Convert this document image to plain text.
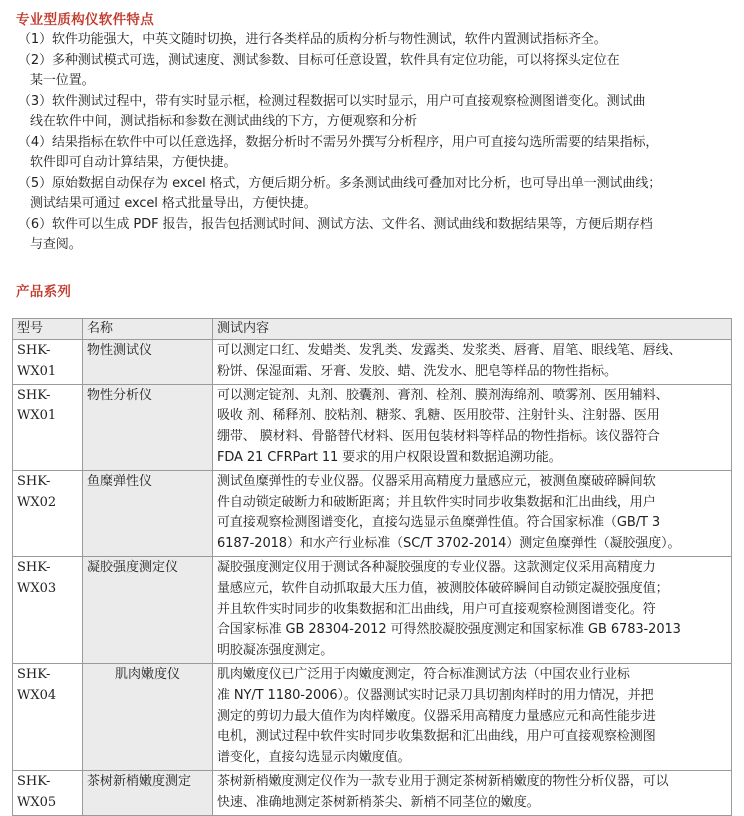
专业型质构仪软件特点
（1）软件功能强大，中英文随时切换，进行各类样品的质构分析与物性测试，软件内置测试指标齐全。
（2）多种测试模式可选，测试速度、测试参数、目标可任意设置，软件具有定位功能，可以将探头定位在
某一位置。
（3）软件测试过程中，带有实时显示框，检测过程数据可以实时显示，用户可直接观察检测图谱变化。测试曲
线在软件中间，测试指标和参数在测试曲线的下方，方便观察和分析
（4）结果指标在软件中可以任意选择，数据分析时不需另外撰写分析程序，用户可直接勾选所需要的结果指标，
软件即可自动计算结果，方便快捷。
（5）原始数据自动保存为 excel 格式，方便后期分析。多条测试曲线可叠加对比分析，也可导出单一测试曲线；
测试结果可通过 excel 格式批量导出，方便快捷。
（6）软件可以生成 PDF 报告，报告包括测试时间、测试方法、文件名、测试曲线和数据结果等，方便后期存档
与查阅。
产品系列
型号	名称	测试内容
SHK-WX01	物性测试仪	可以测定口红、发蜡类、发乳类、发露类、发浆类、唇膏、眉笔、眼线笔、唇线、
粉饼、保湿面霜、牙膏、发胶、蜡、洗发水、肥皂等样品的物性指标。

SHK-WX01	物性分析仪	可以测定锭剂、丸剂、胶囊剂、膏剂、栓剂、膜剂海绵剂、喷雾剂、医用辅料、
吸收 剂、稀释剂、胶粘剂、糖浆、乳糖、医用胶带、注射针头、注射器、医用
绷带、 膜材料、骨骼替代材料、医用包装材料等样品的物性指标。该仪器符合
FDA 21 CFRPart 11 要求的用户权限设置和数据追溯功能。

SHK-WX02	鱼糜弹性仪	测试鱼糜弹性的专业仪器。仪器采用高精度力量感应元，被测鱼糜破碎瞬间软
件自动锁定破断力和破断距离；并且软件实时同步收集数据和汇出曲线，用户
可直接观察检测图谱变化，直接勾选显示鱼糜弹性值。符合国家标准（GB/T 3
6187-2018）和水产行业标准（SC/T 3702-2014）测定鱼糜弹性（凝胶强度）。

SHK-WX03	凝胶强度测定仪	凝胶强度测定仪用于测试各种凝胶强度的专业仪器。这款测定仪采用高精度力
量感应元，软件自动抓取最大压力值，被测胶体破碎瞬间自动锁定凝胶强度值；
并且软件实时同步的收集数据和汇出曲线，用户可直接观察检测图谱变化。符
合国家标准 GB 28304-2012 可得然胶凝胶强度测定和国家标准 GB 6783-2013
明胶凝冻强度测定。

SHK-WX04	肌肉嫩度仪	肌肉嫩度仪已广泛用于肉嫩度测定，符合标准测试方法（中国农业行业标
准 NY/T 1180-2006）。仪器测试实时记录刀具切割肉样时的用力情况，并把
测定的剪切力最大值作为肉样嫩度。仪器采用高精度力量感应元和高性能步进
电机，测试过程中软件实时同步收集数据和汇出曲线，用户可直接观察检测图
谱变化，直接勾选显示肉嫩度值。

SHK-WX05	茶树新梢嫩度测定	茶树新梢嫩度测定仪作为一款专业用于测定茶树新梢嫩度的物性分析仪器，可以
快速、准确地测定茶树新梢茶尖、新梢不同茎位的嫩度。
